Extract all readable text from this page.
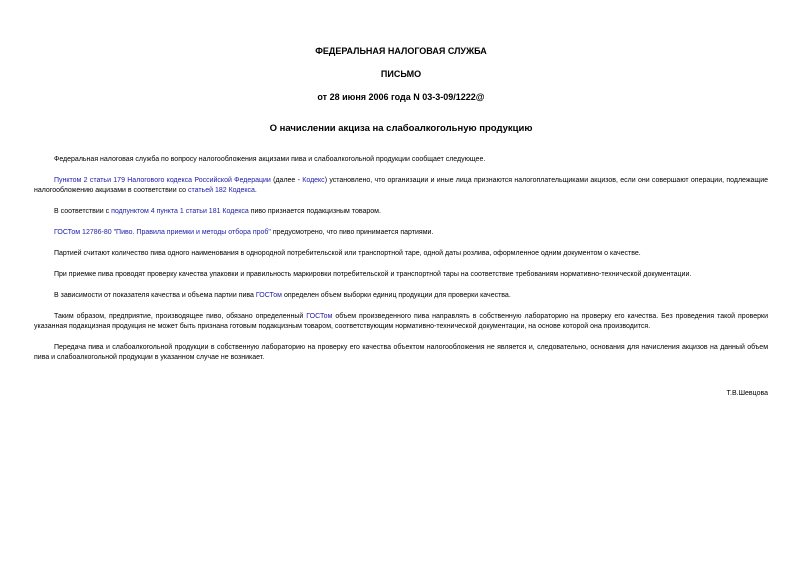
ФЕДЕРАЛЬНАЯ НАЛОГОВАЯ СЛУЖБА
ПИСЬМО
от 28 июня 2006 года N 03-3-09/1222@
О начислении акциза на слабоалкогольную продукцию

Федеральная налоговая служба по вопросу налогообложения акцизами пива и слабоалкогольной продукции сообщает следующее.

Пунктом 2 статьи 179 Налогового кодекса Российской Федерации (далее - Кодекс) установлено, что организации и иные лица признаются налогоплательщиками акцизов, если они совершают операции, подлежащие налогообложению акцизами в соответствии со статьей 182 Кодекса.

В соответствии с подпунктом 4 пункта 1 статьи 181 Кодекса пиво признается подакцизным товаром.

ГОСТом 12786-80 "Пиво. Правила приемки и методы отбора проб" предусмотрено, что пиво принимается партиями.

Партией считают количество пива одного наименования в однородной потребительской или транспортной таре, одной даты розлива, оформленное одним документом о качестве.

При приемке пива проводят проверку качества упаковки и правильность маркировки потребительской и транспортной тары на соответствие требованиям нормативно-технической документации.

В зависимости от показателя качества и объема партии пива ГОСТом определен объем выборки единиц продукции для проверки качества.

Таким образом, предприятие, производящее пиво, обязано определенный ГОСТом объем произведенного пива направлять в собственную лабораторию на проверку его качества. Без проведения такой проверки указанная подакцизная продукция не может быть признана готовым подакцизным товаром, соответствующим нормативно-технической документации, на основе которой она производится.

Передача пива и слабоалкогольной продукции в собственную лабораторию на проверку его качества объектом налогообложения не является и, следовательно, основания для начисления акцизов на данный объем пива и слабоалкогольной продукции в указанном случае не возникает.

Т.В.Шевцова
